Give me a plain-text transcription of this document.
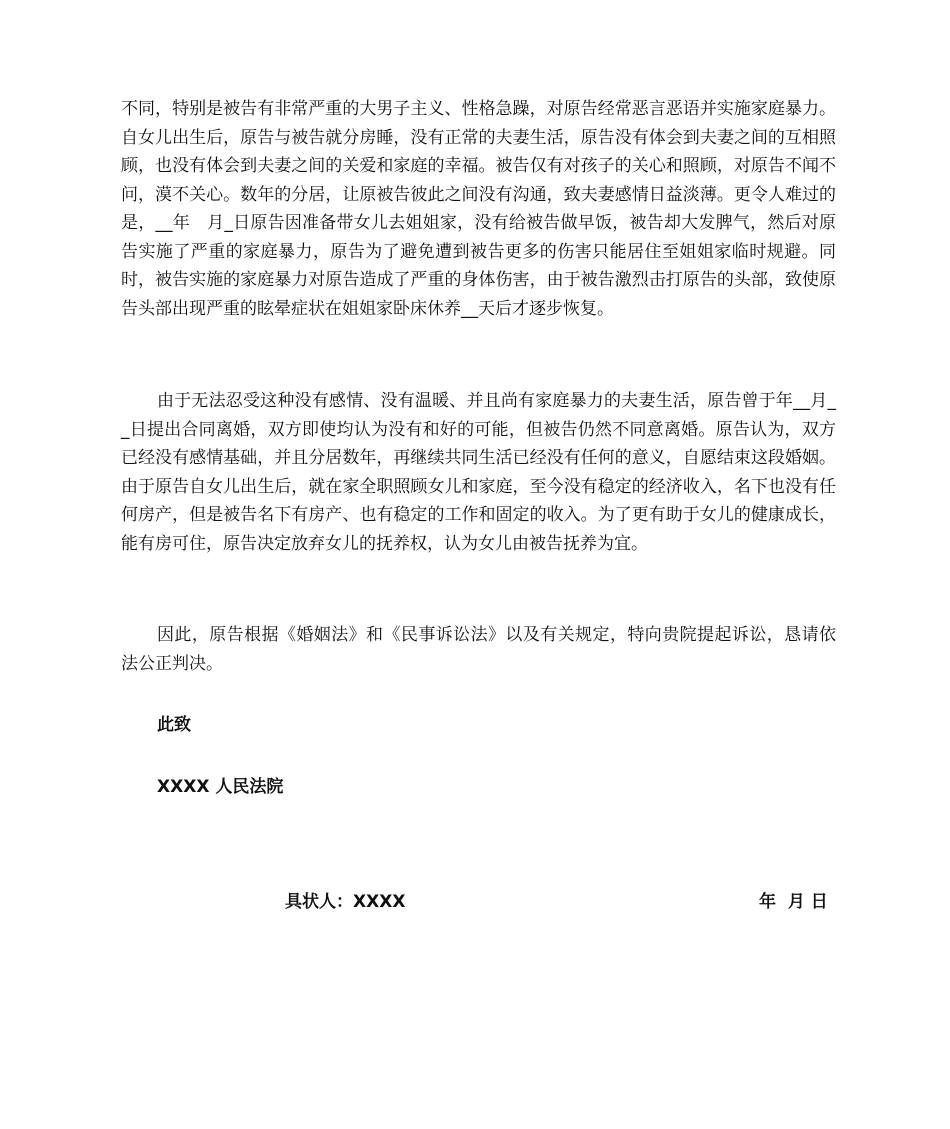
不同，特别是被告有非常严重的大男子主义、性格急躁，对原告经常恶言恶语并实施家庭暴力。自女儿出生后，原告与被告就分房睡，没有正常的夫妻生活，原告没有体会到夫妻之间的互相照顾，也没有体会到夫妻之间的关爱和家庭的幸福。被告仅有对孩子的关心和照顾，对原告不闻不问，漠不关心。数年的分居，让原被告彼此之间没有沟通，致夫妻感情日益淡薄。更令人难过的是，__年　月_日原告因准备带女儿去姐姐家，没有给被告做早饭，被告却大发脾气，然后对原告实施了严重的家庭暴力，原告为了避免遭到被告更多的伤害只能居住至姐姐家临时规避。同时，被告实施的家庭暴力对原告造成了严重的身体伤害，由于被告激烈击打原告的头部，致使原告头部出现严重的眩晕症状在姐姐家卧床休养__天后才逐步恢复。

由于无法忍受这种没有感情、没有温暖、并且尚有家庭暴力的夫妻生活，原告曾于年__月__日提出合同离婚，双方即使均认为没有和好的可能，但被告仍然不同意离婚。原告认为，双方已经没有感情基础，并且分居数年，再继续共同生活已经没有任何的意义，自愿结束这段婚姻。由于原告自女儿出生后，就在家全职照顾女儿和家庭，至今没有稳定的经济收入，名下也没有任何房产，但是被告名下有房产、也有稳定的工作和固定的收入。为了更有助于女儿的健康成长，能有房可住，原告决定放弃女儿的抚养权，认为女儿由被告抚养为宜。

因此，原告根据《婚姻法》和《民事诉讼法》以及有关规定，特向贵院提起诉讼，恳请依法公正判决。

此致

XXXX 人民法院

具状人：XXXX	年  月 日
